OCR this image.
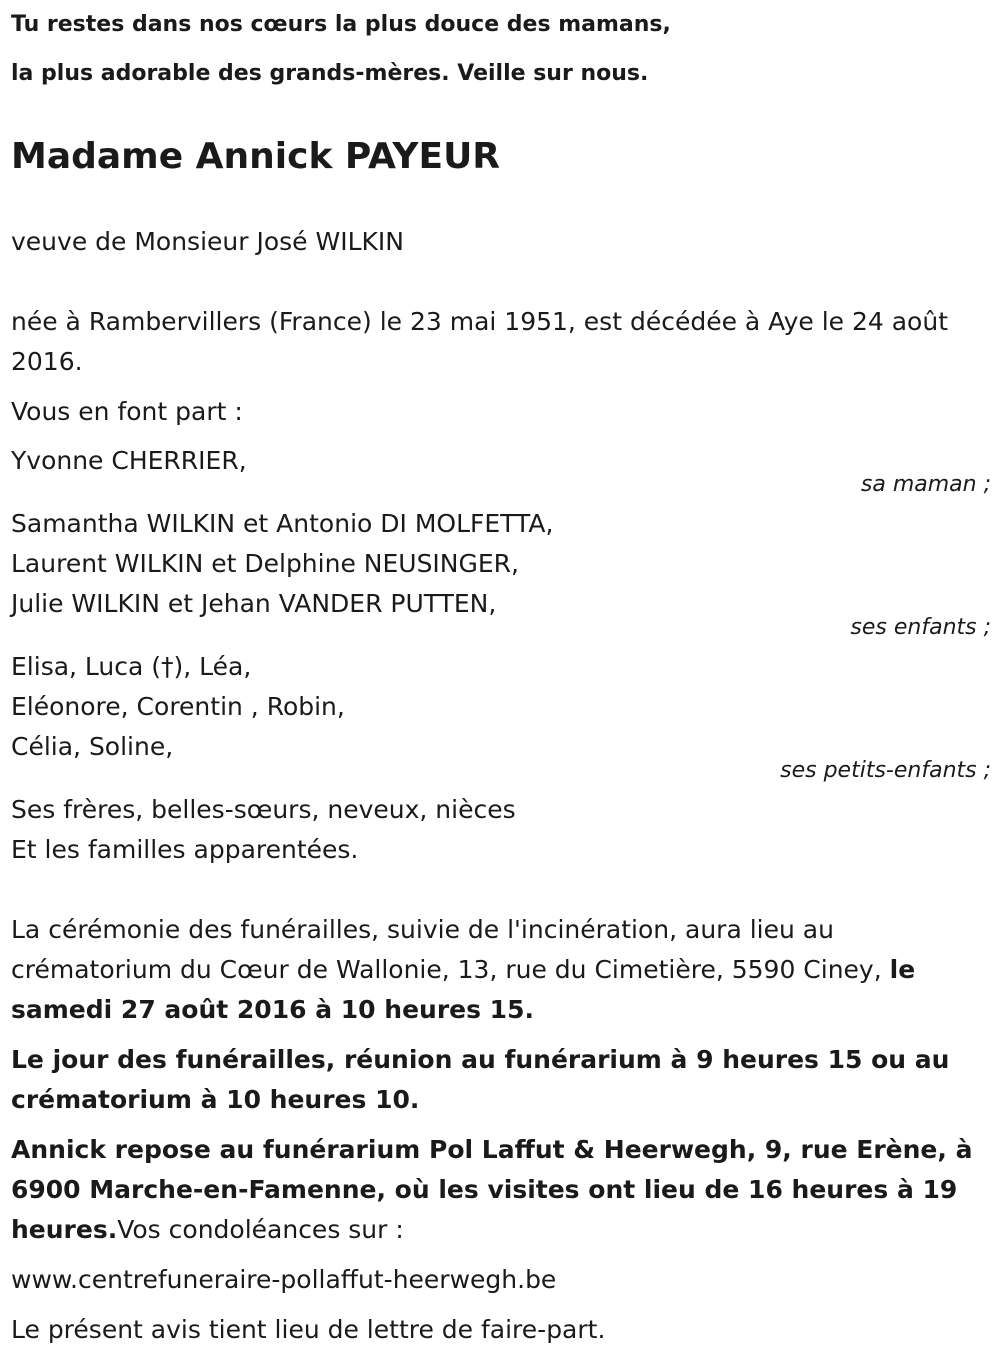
Tu restes dans nos cœurs la plus douce des mamans,
la plus adorable des grands-mères. Veille sur nous.
Madame Annick PAYEUR

veuve de Monsieur José WILKIN

née à Rambervillers (France) le 23 mai 1951, est décédée à Aye le 24 août

2016.

Vous en font part :

Yvonne CHERRIER,

sa maman ;

Samantha WILKIN et Antonio DI MOLFETTA,

Laurent WILKIN et Delphine NEUSINGER,

Julie WILKIN et Jehan VANDER PUTTEN,

ses enfants ;

Elisa, Luca (†), Léa,

Eléonore, Corentin , Robin,

Célia, Soline,

ses petits-enfants ;

Ses frères, belles-sœurs, neveux, nièces

Et les familles apparentées.

La cérémonie des funérailles, suivie de l'incinération, aura lieu au

crématorium du Cœur de Wallonie, 13, rue du Cimetière, 5590 Ciney, le

samedi 27 août 2016 à 10 heures 15.

Le jour des funérailles, réunion au funérarium à 9 heures 15 ou au

crématorium à 10 heures 10.

Annick repose au funérarium Pol Laffut & Heerwegh, 9, rue Erène, à

6900 Marche-en-Famenne, où les visites ont lieu de 16 heures à 19

heures.Vos condoléances sur :

www.centrefuneraire-pollaffut-heerwegh.be

Le présent avis tient lieu de lettre de faire-part.
